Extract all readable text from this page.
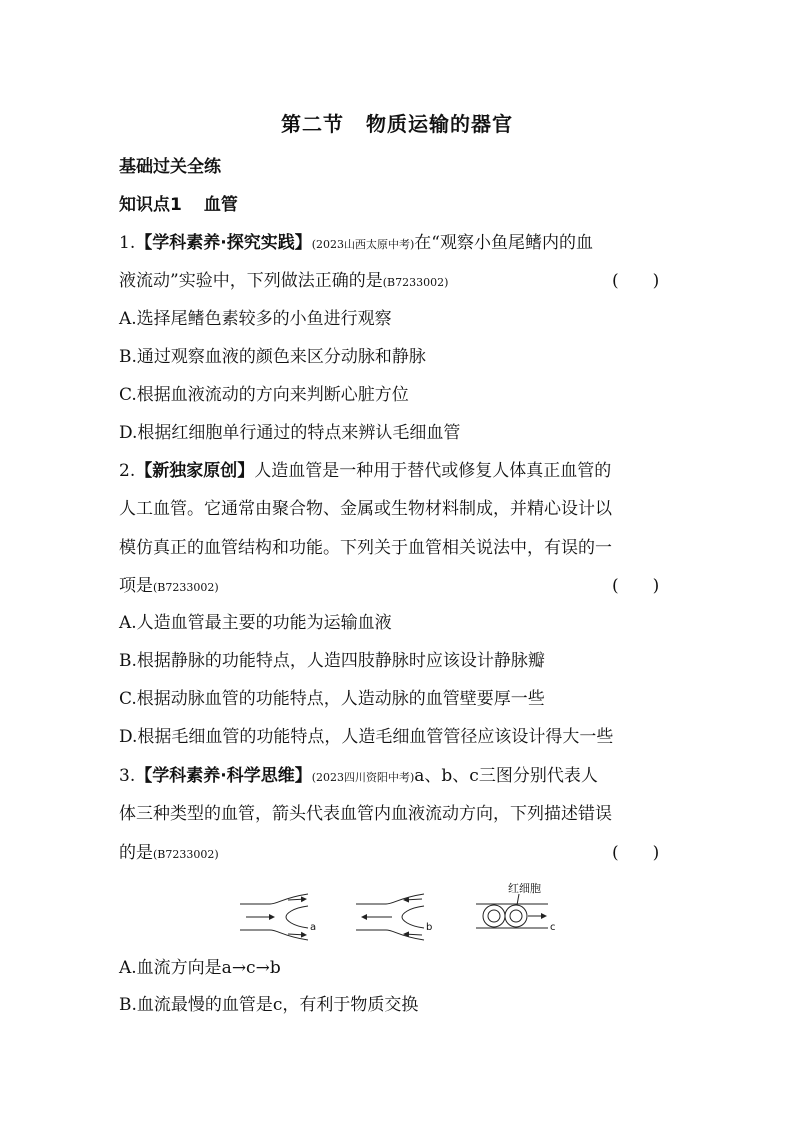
第二节 物质运输的器官
基础过关全练
知识点1 血管
1.【学科素养·探究实践】(2023山西太原中考)在“观察小鱼尾鳍内的血
液流动”实验中，下列做法正确的是(B7233002)	(　　)
A.选择尾鳍色素较多的小鱼进行观察
B.通过观察血液的颜色来区分动脉和静脉
C.根据血液流动的方向来判断心脏方位
D.根据红细胞单行通过的特点来辨认毛细血管
2.【新独家原创】人造血管是一种用于替代或修复人体真正血管的
人工血管。它通常由聚合物、金属或生物材料制成，并精心设计以
模仿真正的血管结构和功能。下列关于血管相关说法中，有误的一
项是(B7233002)	(　　)
A.人造血管最主要的功能为运输血液
B.根据静脉的功能特点，人造四肢静脉时应该设计静脉瓣
C.根据动脉血管的功能特点，人造动脉的血管壁要厚一些
D.根据毛细血管的功能特点，人造毛细血管管径应该设计得大一些
3.【学科素养·科学思维】(2023四川资阳中考)a、b、c三图分别代表人
体三种类型的血管，箭头代表血管内血液流动方向，下列描述错误
的是(B7233002)	(　　)
a	b	c
红细胞
A.血流方向是a→c→b
B.血流最慢的血管是c，有利于物质交换
